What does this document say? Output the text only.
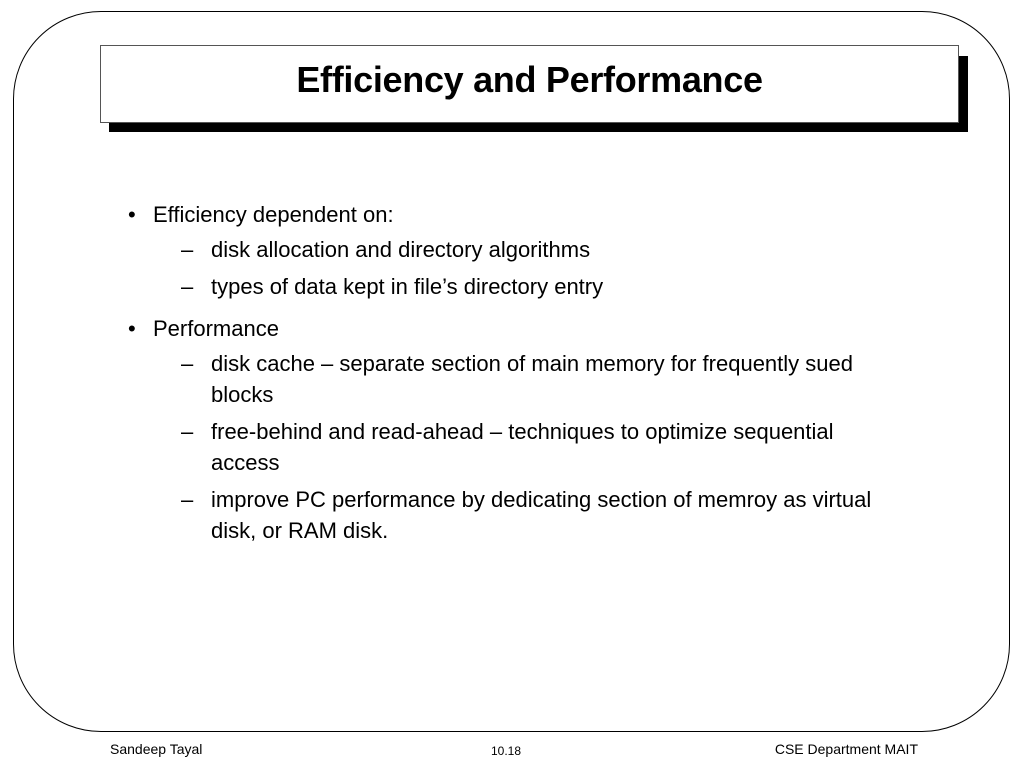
Efficiency and Performance
• Efficiency dependent on:
– disk allocation and directory algorithms
– types of data kept in file’s directory entry
• Performance
– disk cache – separate section of main memory for frequently sued blocks
– free-behind and read-ahead – techniques to optimize sequential access
– improve PC performance by dedicating section of memroy as virtual disk, or RAM disk.
Sandeep Tayal	10.18	CSE Department MAIT
